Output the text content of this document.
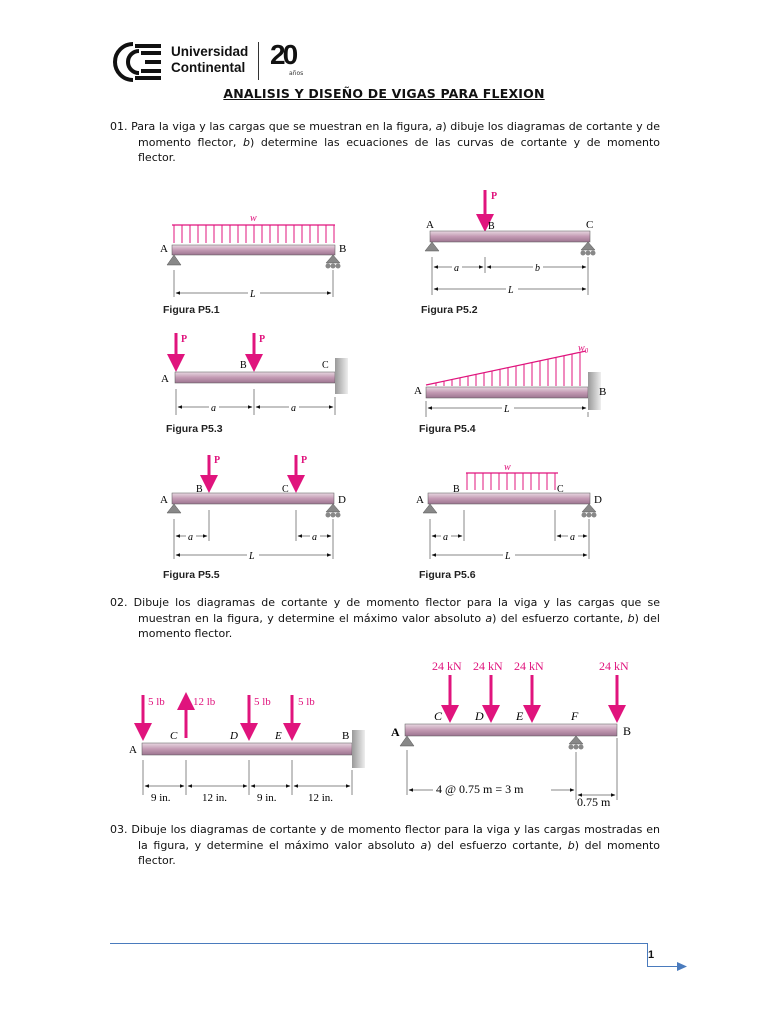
Universidad
Continental 20
años
ANALISIS Y DISEÑO DE VIGAS PARA FLEXION
01. Para la viga y las cargas que se muestran en la figura, a) dibuje los diagramas de cortante y de momento flector, b) determine las ecuaciones de las curvas de cortante y de momento flector.
w
A	B
L
P
A	B	C
a	b
L
P	P
A
B	C
a	a
$w_0$
A	B
L
P	P
A
B	C
D
a	a
L
w
A
B	C
D
a	a
L
Figura P5.1	Figura P5.2
Figura P5.3	Figura P5.4
Figura P5.5	Figura P5.6
02. Dibuje los diagramas de cortante y de momento flector para la viga y las cargas que se muestran en la figura, y determine el máximo valor absoluto a) del esfuerzo cortante, b) del momento flector.
5 lb	12 lb	5 lb 5 lb
A
C	D	E	B
9 in.	12 in.	9 in.	12 in.
24 kN 24 kN 24 kN	24 kN
A
C	D	E	F
B
4 @ 0.75 m = 3 m
0.75 m
03. Dibuje los diagramas de cortante y de momento flector para la viga y las cargas mostradas en la figura, y determine el máximo valor absoluto a) del esfuerzo cortante, b) del momento flector.
1
